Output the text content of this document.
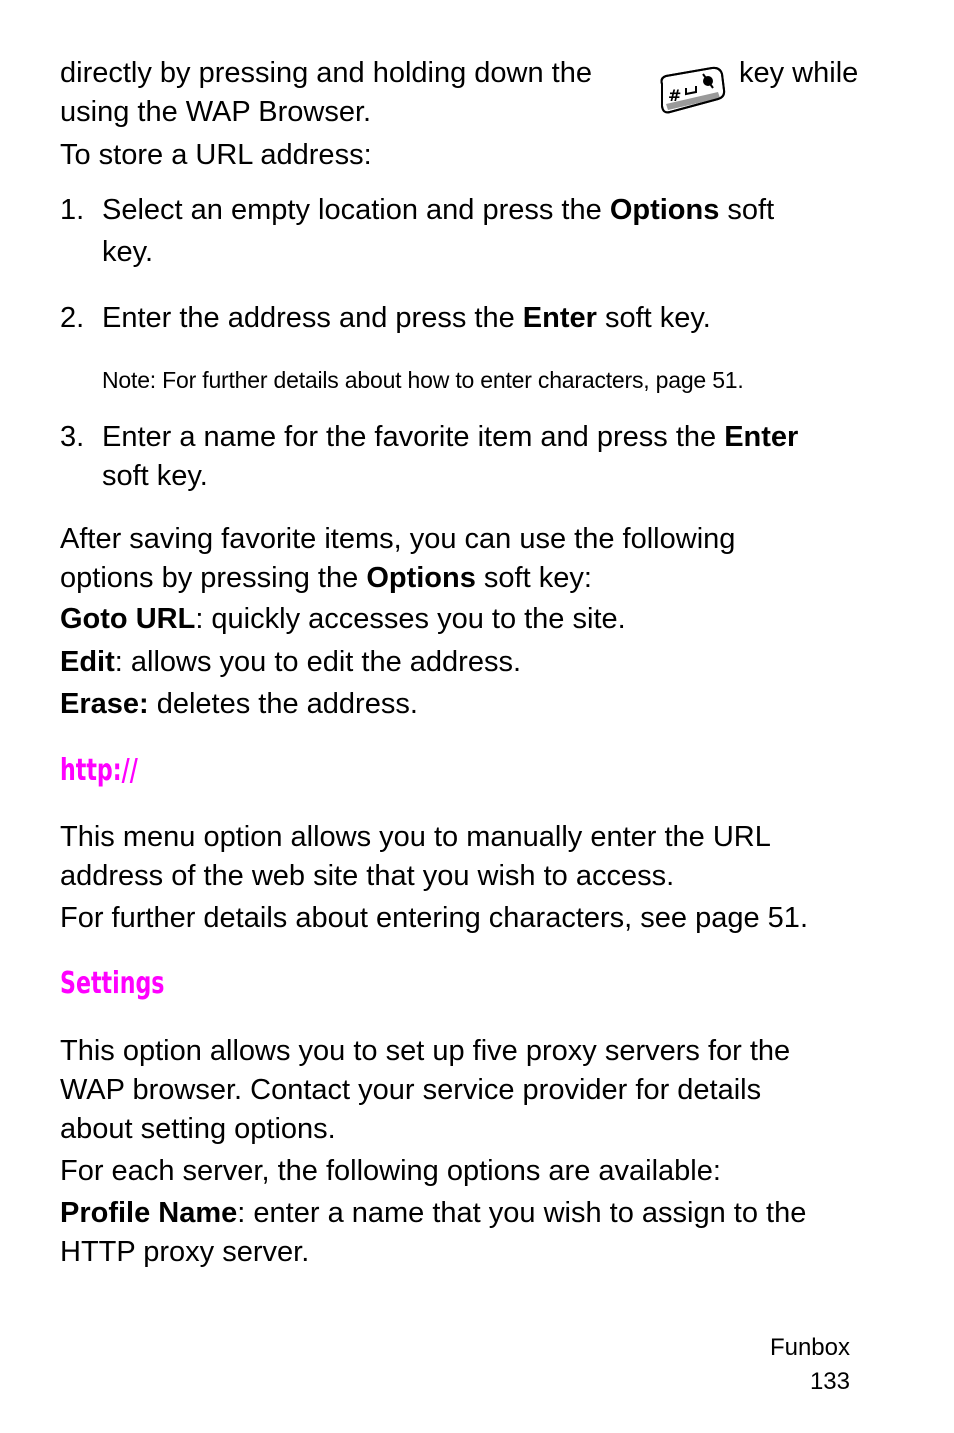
directly by pressing and holding down the	key while
#
using the WAP Browser.
To store a URL address:
1. Select an empty location and press the Options soft
key.
2. Enter the address and press the Enter soft key.
Note: For further details about how to enter characters, page 51.
3. Enter a name for the favorite item and press the Enter
soft key.
After saving favorite items, you can use the following
options by pressing the Options soft key:
Goto URL: quickly accesses you to the site.
Edit: allows you to edit the address.
Erase: deletes the address.
http://
This menu option allows you to manually enter the URL
address of the web site that you wish to access.
For further details about entering characters, see page 51.
Settings
This option allows you to set up five proxy servers for the
WAP browser. Contact your service provider for details
about setting options.
For each server, the following options are available:
Profile Name: enter a name that you wish to assign to the
HTTP proxy server.
Funbox
133
